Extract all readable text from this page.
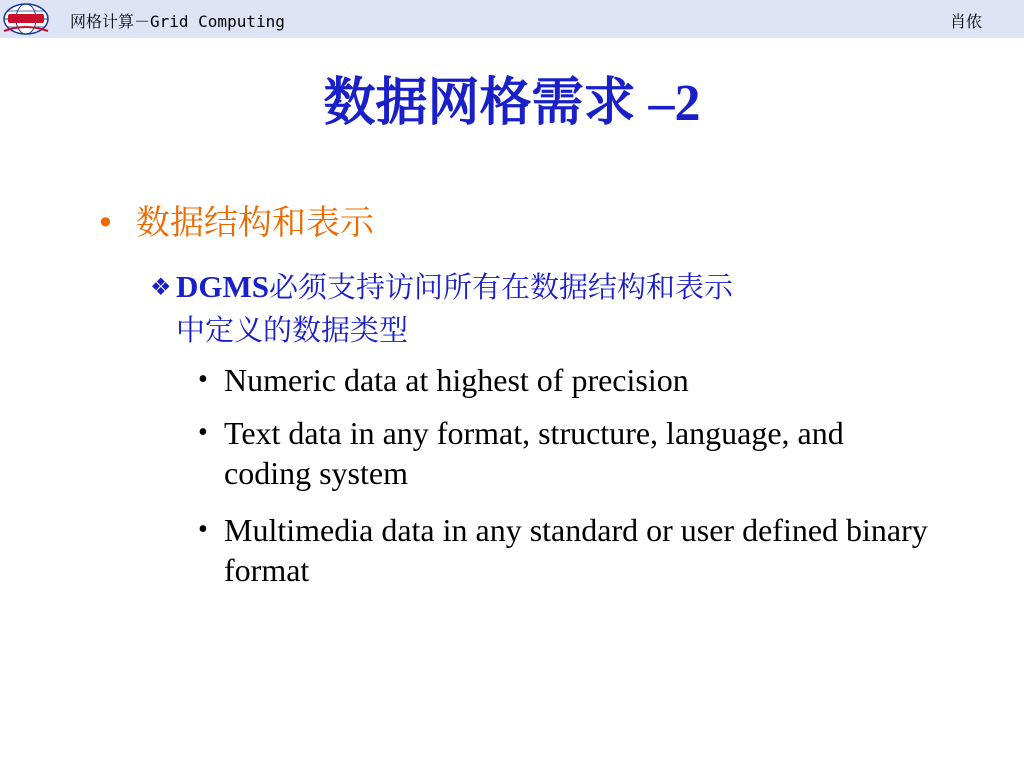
网格计算－Grid Computing	肖侬
数据网格需求 –2
• 数据结构和表示
❖ DGMS必须支持访问所有在数据结构和表示
中定义的数据类型
• Numeric data at highest of precision
• Text data in any format, structure, language, and coding system
• Multimedia data in any standard or user defined binary format
